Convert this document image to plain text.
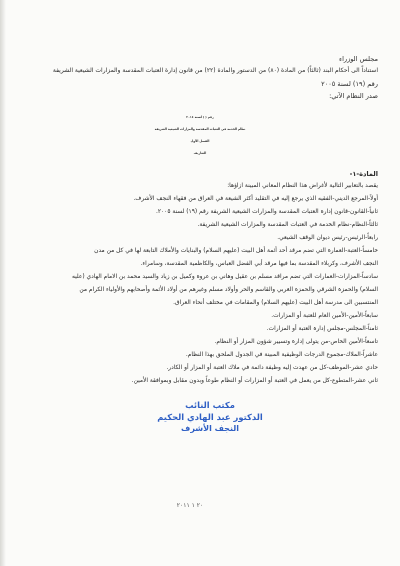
مجلس الوزراء
استناداً الى أحكام البند (ثالثاً) من المادة (٨٠) من الدستور والمادة (٢٢) من قانون إدارة العتبات المقدسة والمزارات الشيعية الشريفة
رقم (١٩) لسنة ٢٠٠٥
صدر النظام الآتي:
رقم ( ) لسنة ٢٠١٤
نظام الخدمة في العتبات المقدسة والمزارات الشيعية الشريفة
الفصل الأول
التعاريف
المادة-١-
يقصد بالتعابير التالية لأغراض هذا النظام المعاني المبينة ازاؤها:
أولاً-المرجع الديني-الفقيه الذي يرجع إليه في التقليد أكثر الشيعة في العراق من فقهاء النجف الأشرف.
ثانياً-القانون-قانون إدارة العتبات المقدسة والمزارات الشيعية الشريفة رقم (١٩) لسنة ٢٠٠٥.
ثالثاً-النظام-نظام الخدمة في العتبات المقدسة والمزارات الشيعية الشريفة.
رابعاً-الرئيس-رئيس ديوان الوقف الشيعي.
خامساً-العتبة-العمارة التي تضم مرقد أحد أئمة أهل البيت (عليهم السلام) والبنايات والأملاك التابعة لها في كل من مدن
النجف الأشرف، وكربلاء المقدسة بما فيها مرقد أبي الفضل العباس، والكاظمية المقدسة، وسامراء.
سادساً-المزارات-العمارات التي تضم مراقد مسلم بن عقيل وهاني بن عروة وكميل بن زياد والسيد محمد بن الامام الهادي (عليه
السلام) والحمزة الشرقي والحمزة الغربي والقاسم والحر وأولاد مسلم وغيرهم من أولاد الأئمة وأصحابهم والأولياء الكرام من
المنتسبين الى مدرسة أهل البيت (عليهم السلام) والمقامات في مختلف أنحاء العراق.
سابعاً-الأمين-الأمين العام للعتبة أو المزارات.
ثامناً-المجلس-مجلس إدارة العتبة أو المزارات.
تاسعاً-الأمين الخاص-من يتولى إدارة وتسيير شؤون المزار أو النظام.
عاشراً-الملاك-مجموع الدرجات الوظيفية المبينة في الجدول الملحق بهذا النظام.
حادي عشر-الموظف-كل من عهدت إليه وظيفة دائمة في ملاك العتبة أو المزار أو الكادر.
ثاني عشر-المتطوع-كل من يعمل في العتبة أو المزارات أو النظام طوعاً وبدون مقابل وبموافقة الأمين.
مكتب النائب
الدكتور عبد الهادي الحكيم
النجف الأشرف
٢٠ ١ ٢٠١١
